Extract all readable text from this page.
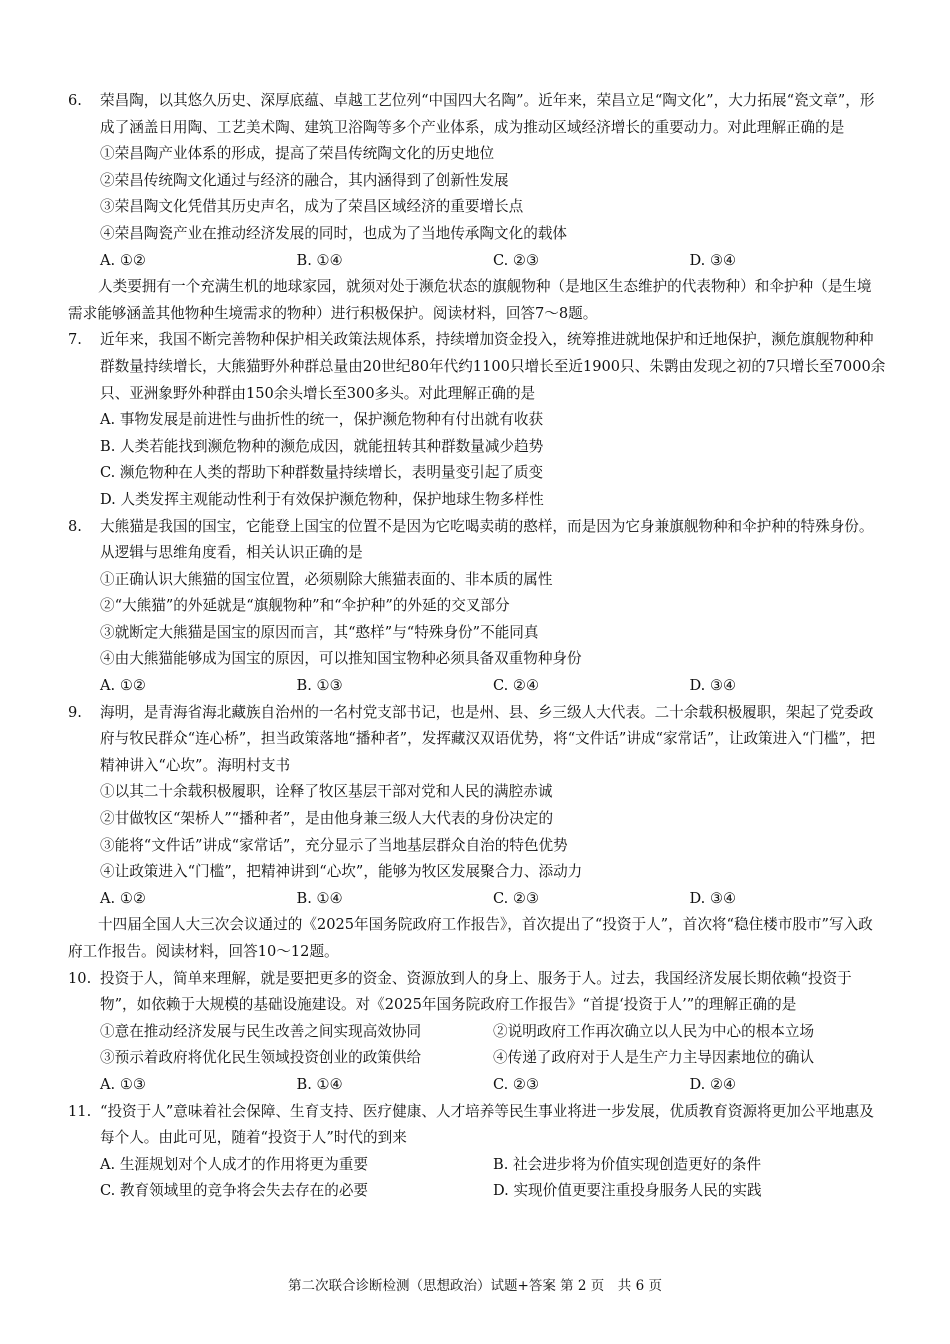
6. 荣昌陶，以其悠久历史、深厚底蕴、卓越工艺位列“中国四大名陶”。近年来，荣昌立足“陶文化”，大力拓展“瓷文章”，形成了涵盖日用陶、工艺美术陶、建筑卫浴陶等多个产业体系，成为推动区域经济增长的重要动力。对此理解正确的是
①荣昌陶产业体系的形成，提高了荣昌传统陶文化的历史地位
②荣昌传统陶文化通过与经济的融合，其内涵得到了创新性发展
③荣昌陶文化凭借其历史声名，成为了荣昌区域经济的重要增长点
④荣昌陶瓷产业在推动经济发展的同时，也成为了当地传承陶文化的载体
A. ①②	B. ①④	C. ②③	D. ③④
人类要拥有一个充满生机的地球家园，就须对处于濒危状态的旗舰物种（是地区生态维护的代表物种）和伞护种（是生境需求能够涵盖其他物种生境需求的物种）进行积极保护。阅读材料，回答7～8题。
7. 近年来，我国不断完善物种保护相关政策法规体系，持续增加资金投入，统筹推进就地保护和迁地保护，濒危旗舰物种种群数量持续增长，大熊猫野外种群总量由20世纪80年代约1100只增长至近1900只、朱鹮由发现之初的7只增长至7000余只、亚洲象野外种群由150余头增长至300多头。对此理解正确的是
A. 事物发展是前进性与曲折性的统一，保护濒危物种有付出就有收获
B. 人类若能找到濒危物种的濒危成因，就能扭转其种群数量减少趋势
C. 濒危物种在人类的帮助下种群数量持续增长，表明量变引起了质变
D. 人类发挥主观能动性利于有效保护濒危物种，保护地球生物多样性
8. 大熊猫是我国的国宝，它能登上国宝的位置不是因为它吃喝卖萌的憨样，而是因为它身兼旗舰物种和伞护种的特殊身份。从逻辑与思维角度看，相关认识正确的是
①正确认识大熊猫的国宝位置，必须剔除大熊猫表面的、非本质的属性
②“大熊猫”的外延就是“旗舰物种”和“伞护种”的外延的交叉部分
③就断定大熊猫是国宝的原因而言，其“憨样”与“特殊身份”不能同真
④由大熊猫能够成为国宝的原因，可以推知国宝物种必须具备双重物种身份
A. ①②	B. ①③	C. ②④	D. ③④
9. 海明，是青海省海北藏族自治州的一名村党支部书记，也是州、县、乡三级人大代表。二十余载积极履职，架起了党委政府与牧民群众“连心桥”，担当政策落地“播种者”，发挥藏汉双语优势，将“文件话”讲成“家常话”，让政策进入“门槛”，把精神讲入“心坎”。海明村支书
①以其二十余载积极履职，诠释了牧区基层干部对党和人民的满腔赤诚
②甘做牧区“架桥人”“播种者”，是由他身兼三级人大代表的身份决定的
③能将“文件话”讲成“家常话”，充分显示了当地基层群众自治的特色优势
④让政策进入“门槛”，把精神讲到“心坎”，能够为牧区发展聚合力、添动力
A. ①②	B. ①④	C. ②③	D. ③④
十四届全国人大三次会议通过的《2025年国务院政府工作报告》，首次提出了“投资于人”，首次将“稳住楼市股市”写入政府工作报告。阅读材料，回答10～12题。
10. 投资于人，简单来理解，就是要把更多的资金、资源放到人的身上、服务于人。过去，我国经济发展长期依赖“投资于物”，如依赖于大规模的基础设施建设。对《2025年国务院政府工作报告》“首提‘投资于人’”的理解正确的是
①意在推动经济发展与民生改善之间实现高效协同	②说明政府工作再次确立以人民为中心的根本立场
③预示着政府将优化民生领域投资创业的政策供给	④传递了政府对于人是生产力主导因素地位的确认
A. ①③	B. ①④	C. ②③	D. ②④
11. “投资于人”意味着社会保障、生育支持、医疗健康、人才培养等民生事业将进一步发展，优质教育资源将更加公平地惠及每个人。由此可见，随着“投资于人”时代的到来
A. 生涯规划对个人成才的作用将更为重要	B. 社会进步将为价值实现创造更好的条件
C. 教育领域里的竞争将会失去存在的必要	D. 实现价值更要注重投身服务人民的实践
第二次联合诊断检测（思想政治）试题+答案 第 2 页　共 6 页
